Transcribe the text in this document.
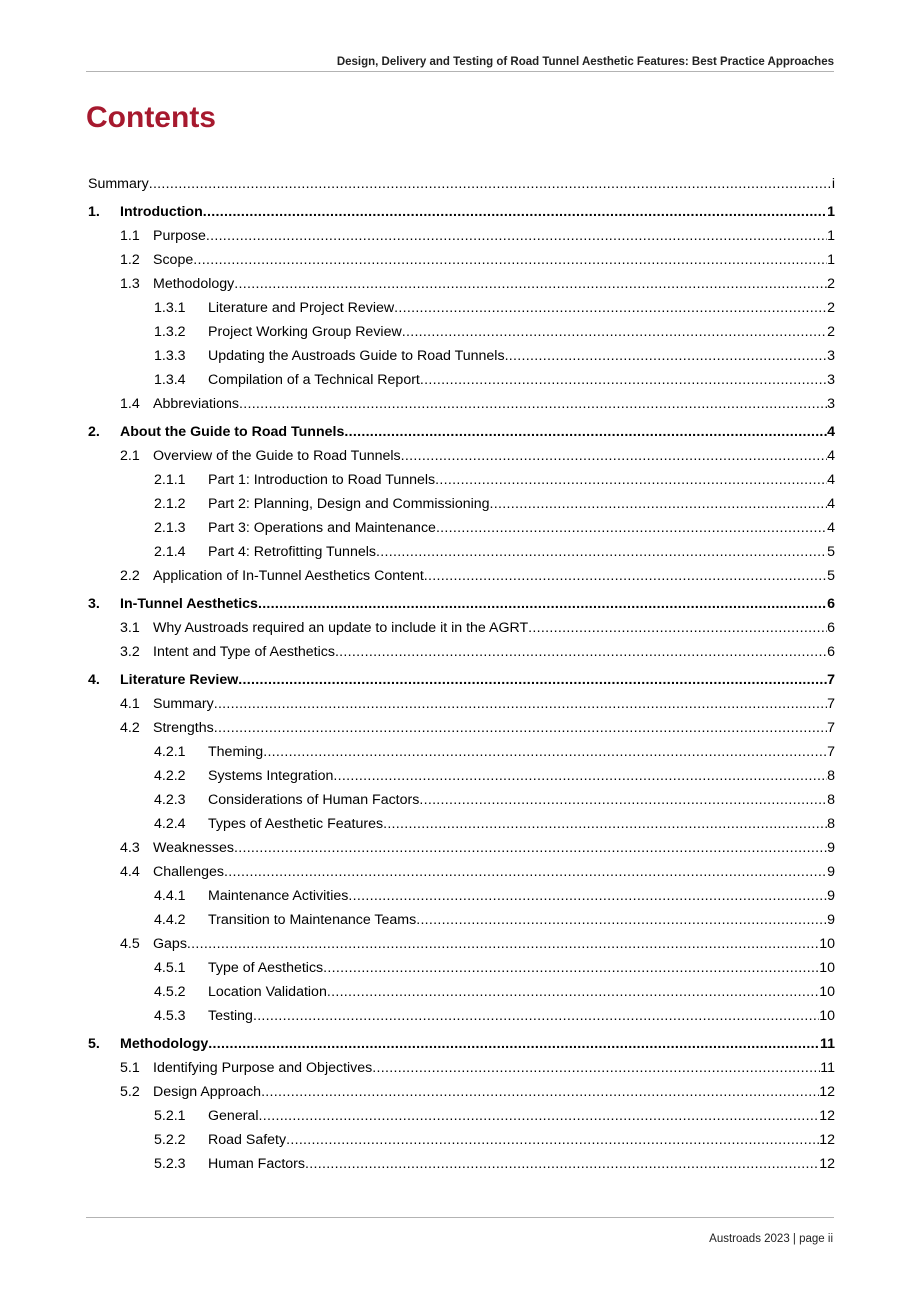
Design, Delivery and Testing of Road Tunnel Aesthetic Features: Best Practice Approaches
Contents
Summary .....	i
1.	Introduction .....	1
1.1 Purpose .....	1
1.2 Scope .....	1
1.3 Methodology .....	2
1.3.1	Literature and Project Review .....	2
1.3.2	Project Working Group Review .....	2
1.3.3	Updating the Austroads Guide to Road Tunnels .....	3
1.3.4	Compilation of a Technical Report .....	3
1.4 Abbreviations .....	3
2.	About the Guide to Road Tunnels .....	4
2.1 Overview of the Guide to Road Tunnels .....	4
2.1.1	Part 1: Introduction to Road Tunnels .....	4
2.1.2	Part 2: Planning, Design and Commissioning .....	4
2.1.3	Part 3: Operations and Maintenance .....	4
2.1.4	Part 4: Retrofitting Tunnels .....	5
2.2 Application of In-Tunnel Aesthetics Content .....	5
3.	In-Tunnel Aesthetics .....	6
3.1 Why Austroads required an update to include it in the AGRT .....	6
3.2 Intent and Type of Aesthetics .....	6
4.	Literature Review .....	7
4.1 Summary .....	7
4.2 Strengths .....	7
4.2.1	Theming .....	7
4.2.2	Systems Integration .....	8
4.2.3	Considerations of Human Factors .....	8
4.2.4	Types of Aesthetic Features .....	8
4.3 Weaknesses .....	9
4.4 Challenges .....	9
4.4.1	Maintenance Activities .....	9
4.4.2	Transition to Maintenance Teams .....	9
4.5 Gaps .....	10
4.5.1	Type of Aesthetics .....	10
4.5.2	Location Validation .....	10
4.5.3	Testing .....	10
5.	Methodology .....	11
5.1 Identifying Purpose and Objectives .....	11
5.2 Design Approach .....	12
5.2.1	General .....	12
5.2.2	Road Safety .....	12
5.2.3	Human Factors .....	12
Austroads 2023 | page ii
